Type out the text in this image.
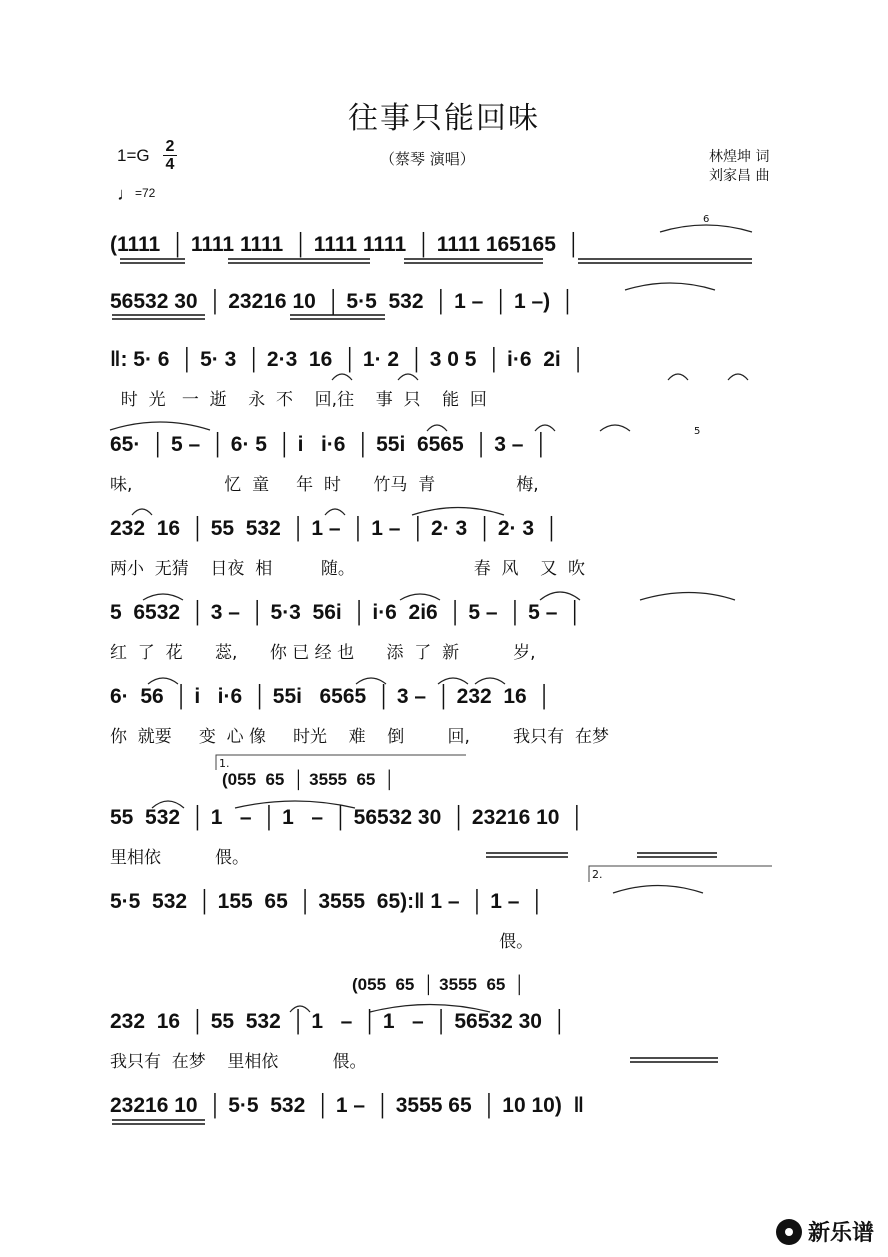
往事只能回味
1=G 2
4
♩=72
（蔡琴 演唱）	林煌坤 词
刘家昌 曲
6
5
1.
2.
(055  65  │ 3555  65  │
(055  65  │ 3555  65  │
(1111  │ 1111 1111  │ 1111 1111  │ 1111 165165  │
56532 30  │ 23216 10  │ 5·5  532  │ 1 –  │ 1 –)  │
‖: 5· 6  │ 5· 3  │ 2·3  16  │ 1· 2  │ 3 0 5  │ i·6  2i  │
时  光   一  逝    永  不    回,往    事  只    能  回
65·  │ 5 –  │ 6· 5  │ i   i·6  │ 55i  6565  │ 3 –  │
味,                 忆  童     年  时      竹马  青               梅,
232  16  │ 55  532  │ 1 –  │ 1 –  │ 2· 3  │ 2· 3  │
两小  无猜    日夜  相         随。                      春  风    又  吹
5  6532  │ 3 –  │ 5·3  56i  │ i·6  2i6  │ 5 –  │ 5 –  │
红  了  花      蕊,      你 已 经 也      添  了  新          岁,
6·  56  │ i   i·6  │ 55i   6565  │ 3 –  │ 232  16  │
你  就要     变  心 像     时光    难    倒        回,        我只有  在梦
55  532  │ 1   –  │ 1   –  │ 56532 30  │ 23216 10  │
里相依          偎。
5·5  532  │ 155  65  │ 3555  65):‖ 1 –  │ 1 –  │
偎。
232  16  │ 55  532  │ 1   –  │ 1   –  │ 56532 30  │
我只有  在梦    里相依          偎。
23216 10  │ 5·5  532  │ 1 –  │ 3555 65  │ 10 10)  ‖
新乐谱
